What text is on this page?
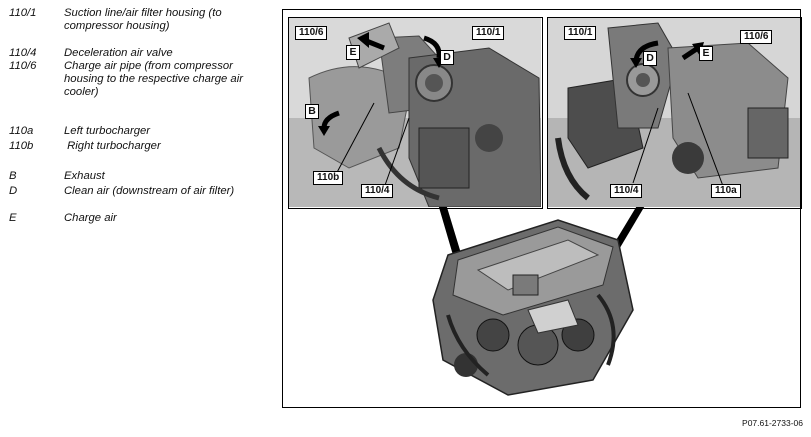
110/1	Suction line/air filter housing (to compressor housing)
110/4	Deceleration air valve
110/6	Charge air pipe (from compressor housing to the respective charge air cooler)
110a	Left turbocharger
110b	Right turbocharger
B	Exhaust
D	Clean air (downstream of air filter)
E	Charge air
110/6	110/1
E	D
B
110b
110/4
110/1	110/6
D	E
110/4	110a
P07.61-2733-06
